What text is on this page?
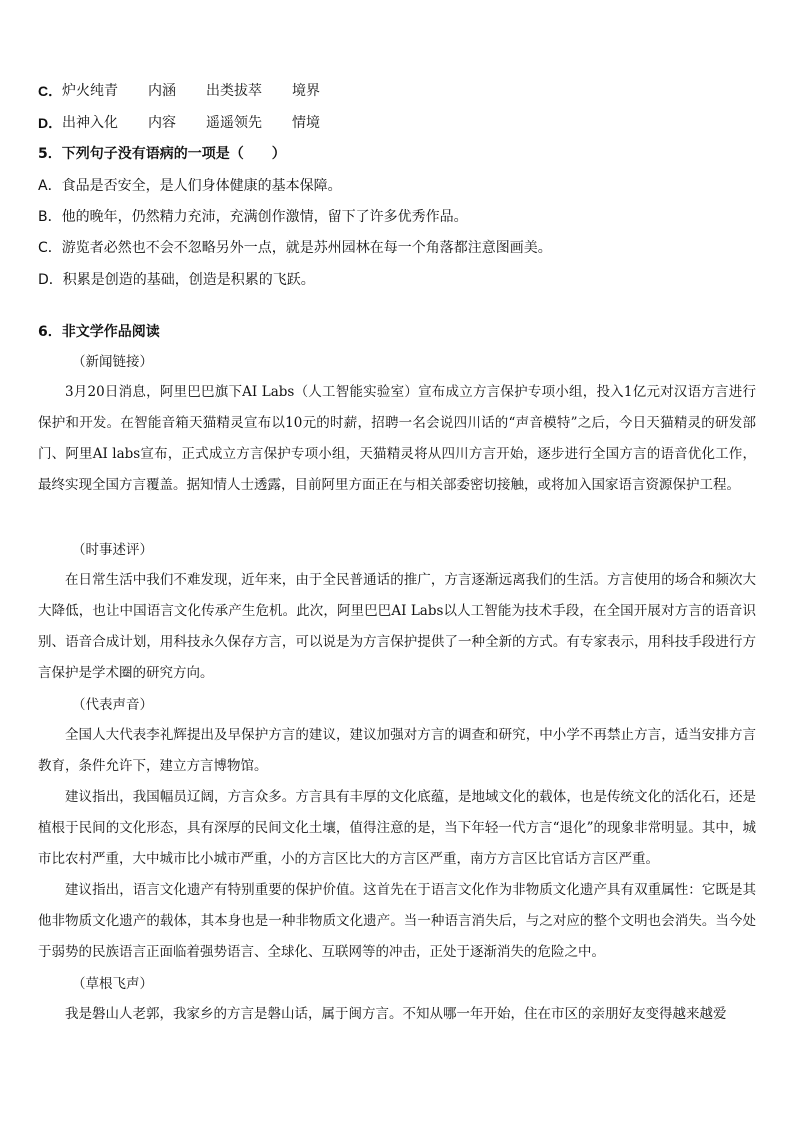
C． 炉火纯青	内涵	出类拔萃	境界
D． 出神入化	内容	遥遥领先	情境
5．下列句子没有语病的一项是（　　）
A．食品是否安全，是人们身体健康的基本保障。
B．他的晚年，仍然精力充沛，充满创作激情，留下了许多优秀作品。
C．游览者必然也不会不忽略另外一点，就是苏州园林在每一个角落都注意图画美。
D．积累是创造的基础，创造是积累的飞跃。
6．非文学作品阅读
（新闻链接）
3月20日消息，阿里巴巴旗下AI Labs（人工智能实验室）宣布成立方言保护专项小组，投入1亿元对汉语方言进行保护和开发。在智能音箱天猫精灵宣布以10元的时薪，招聘一名会说四川话的“声音模特”之后，今日天猫精灵的研发部门、阿里AI labs宣布，正式成立方言保护专项小组，天猫精灵将从四川方言开始，逐步进行全国方言的语音优化工作，最终实现全国方言覆盖。据知情人士透露，目前阿里方面正在与相关部委密切接触，或将加入国家语言资源保护工程。
（时事述评）
在日常生活中我们不难发现，近年来，由于全民普通话的推广，方言逐渐远离我们的生活。方言使用的场合和频次大大降低，也让中国语言文化传承产生危机。此次，阿里巴巴AI Labs以人工智能为技术手段，在全国开展对方言的语音识别、语音合成计划，用科技永久保存方言，可以说是为方言保护提供了一种全新的方式。有专家表示，用科技手段进行方言保护是学术圈的研究方向。
（代表声音）
全国人大代表李礼辉提出及早保护方言的建议，建议加强对方言的调查和研究，中小学不再禁止方言，适当安排方言教育，条件允许下，建立方言博物馆。
建议指出，我国幅员辽阔，方言众多。方言具有丰厚的文化底蕴，是地域文化的载体，也是传统文化的活化石，还是植根于民间的文化形态，具有深厚的民间文化土壤，值得注意的是，当下年轻一代方言“退化”的现象非常明显。其中，城市比农村严重，大中城市比小城市严重，小的方言区比大的方言区严重，南方方言区比官话方言区严重。
建议指出，语言文化遗产有特别重要的保护价值。这首先在于语言文化作为非物质文化遗产具有双重属性：它既是其他非物质文化遗产的载体，其本身也是一种非物质文化遗产。当一种语言消失后，与之对应的整个文明也会消失。当今处于弱势的民族语言正面临着强势语言、全球化、互联网等的冲击，正处于逐渐消失的危险之中。
（草根飞声）
我是磐山人老郭，我家乡的方言是磐山话，属于闽方言。不知从哪一年开始，住在市区的亲朋好友变得越来越爱
